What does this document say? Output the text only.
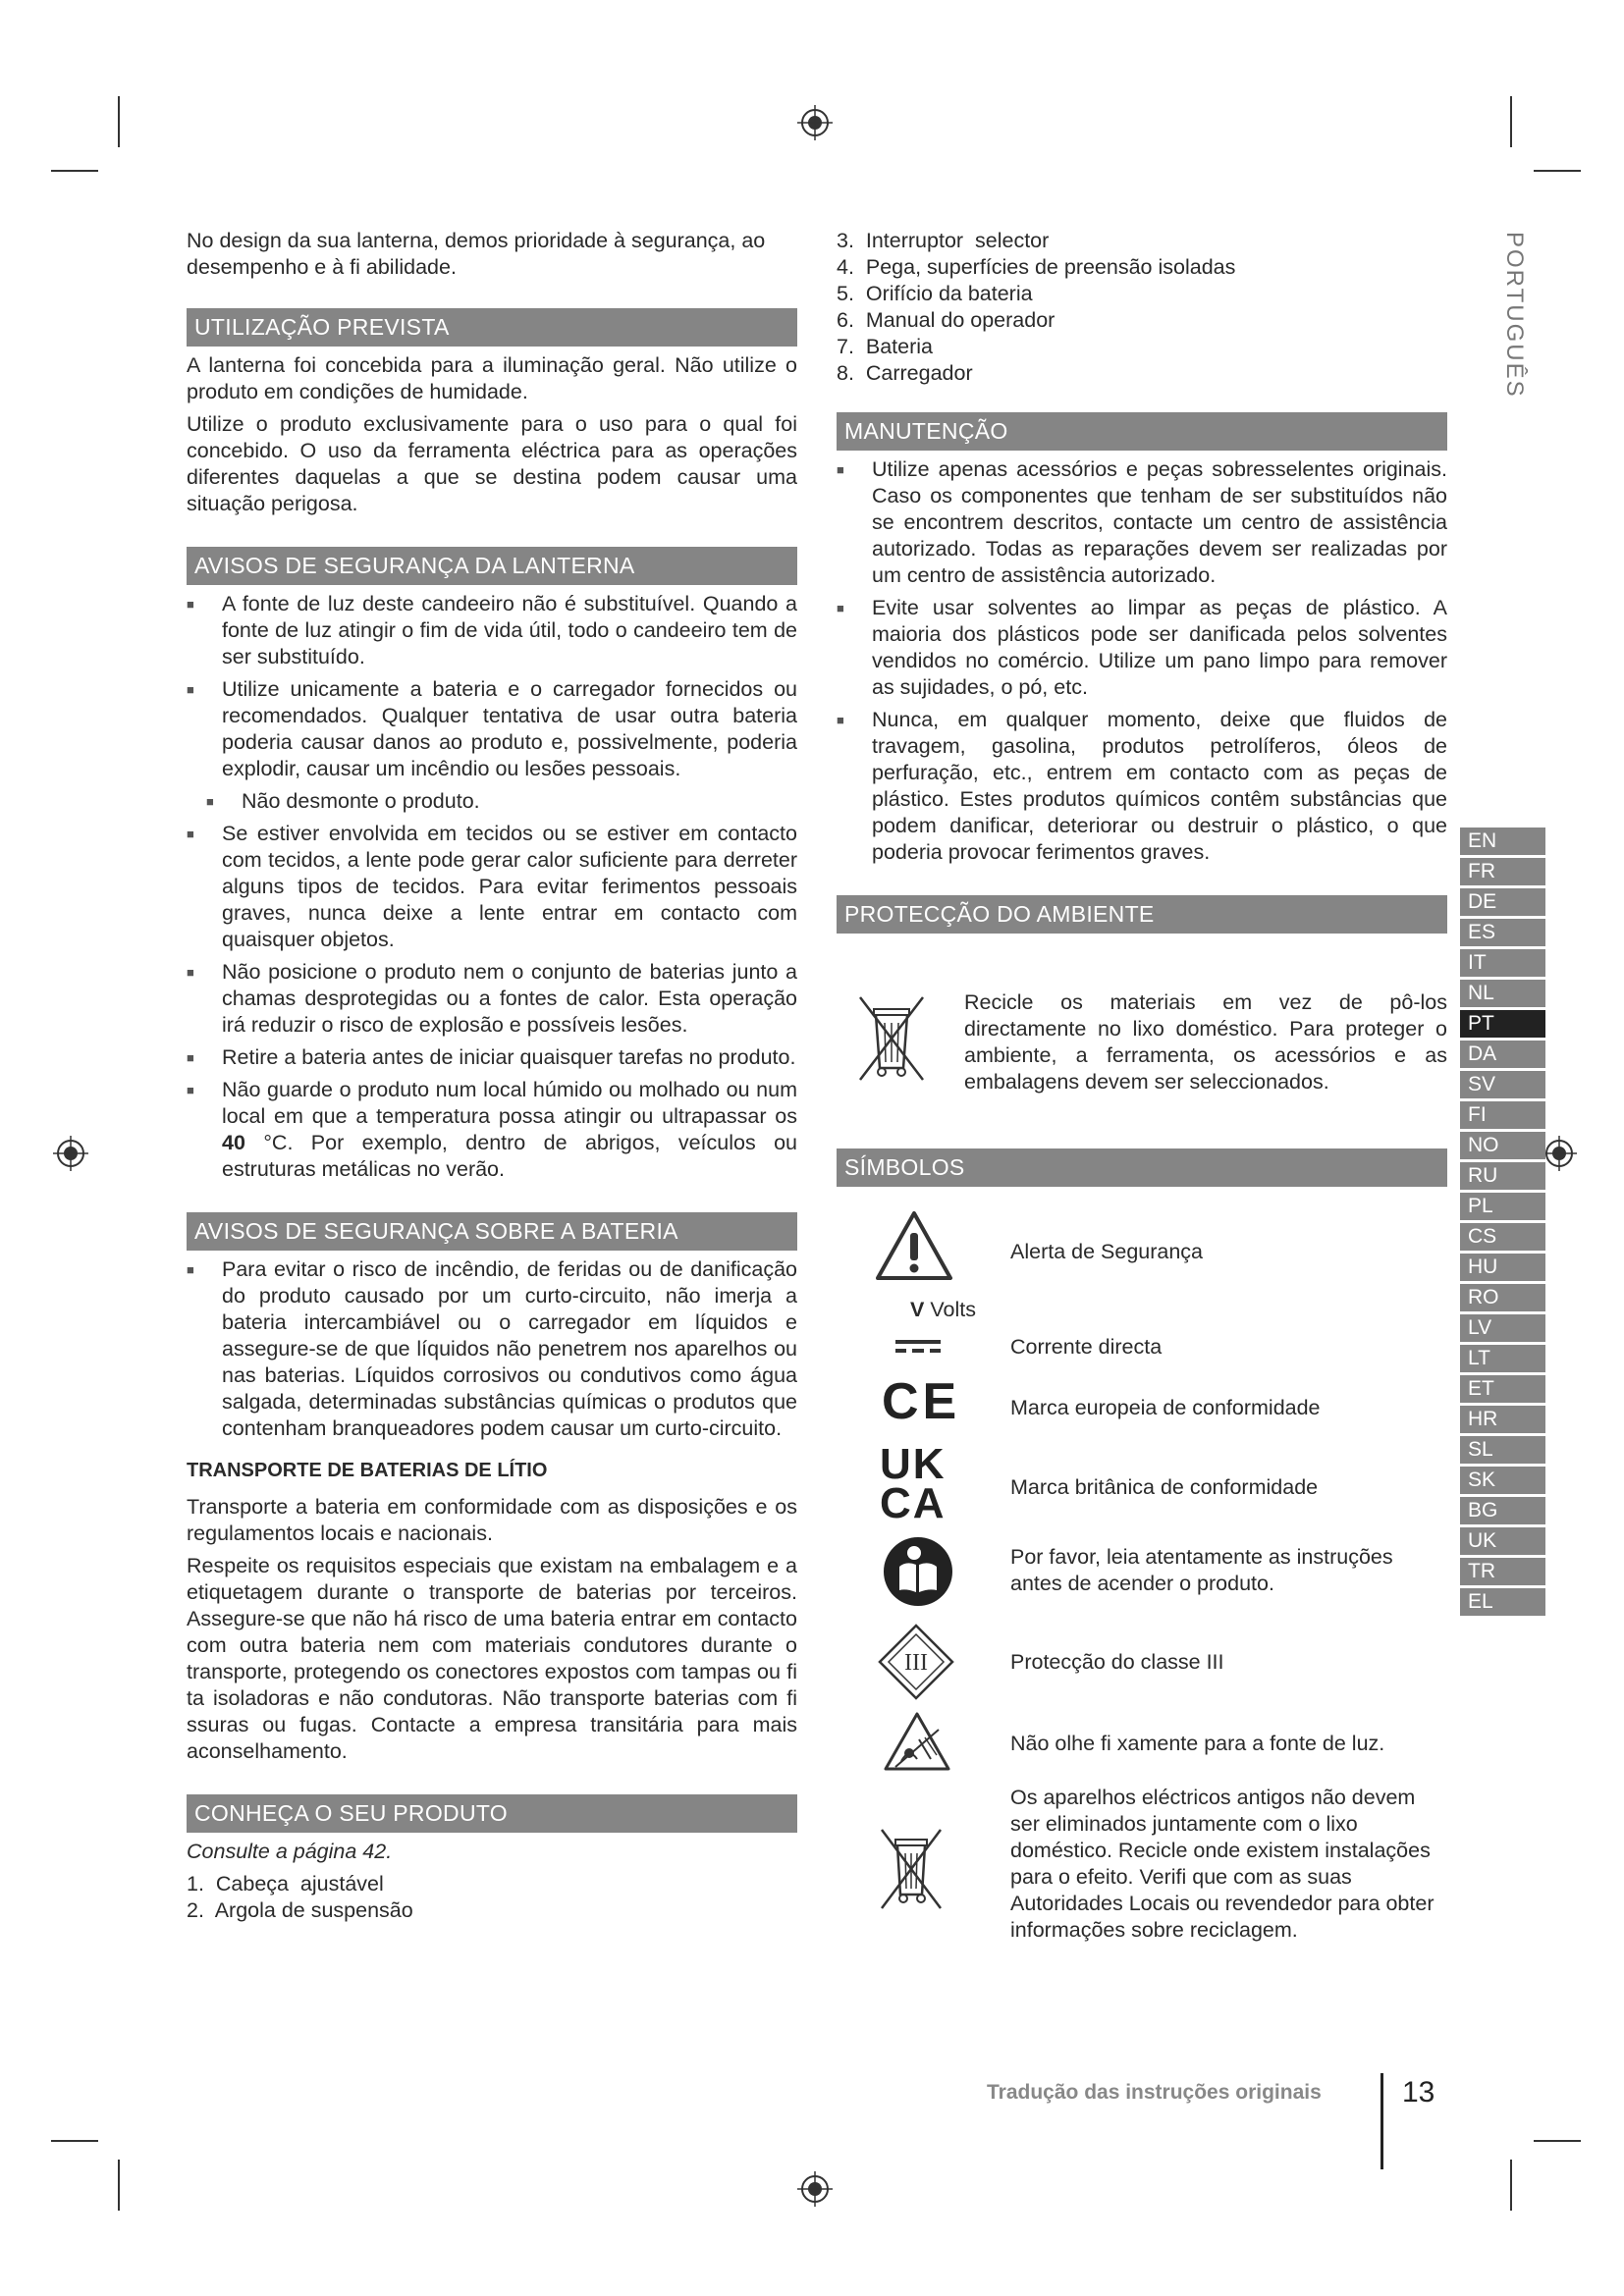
No design da sua lanterna, demos prioridade à segurança, ao desempenho e à fi abilidade.

UTILIZAÇÃO PREVISTA

A lanterna foi concebida para a iluminação geral. Não utilize o produto em condições de humidade.

Utilize o produto exclusivamente para o uso para o qual foi concebido. O uso da ferramenta eléctrica para as operações diferentes daquelas a que se destina podem causar uma situação perigosa.

AVISOS DE SEGURANÇA DA LANTERNA
■ A fonte de luz deste candeeiro não é substituível. Quando a fonte de luz atingir o fim de vida útil, todo o candeeiro tem de ser substituído.
■ Utilize unicamente a bateria e o carregador fornecidos ou recomendados. Qualquer tentativa de usar outra bateria poderia causar danos ao produto e, possivelmente, poderia explodir, causar um incêndio ou lesões pessoais.
■ Não desmonte o produto.
■ Se estiver envolvida em tecidos ou se estiver em contacto com tecidos, a lente pode gerar calor suficiente para derreter alguns tipos de tecidos. Para evitar ferimentos pessoais graves, nunca deixe a lente entrar em contacto com quaisquer objetos.
■ Não posicione o produto nem o conjunto de baterias junto a chamas desprotegidas ou a fontes de calor. Esta operação irá reduzir o risco de explosão e possíveis lesões.
■ Retire a bateria antes de iniciar quaisquer tarefas no produto.
■ Não guarde o produto num local húmido ou molhado ou num local em que a temperatura possa atingir ou ultrapassar os 40 °C. Por exemplo, dentro de abrigos, veículos ou estruturas metálicas no verão.
AVISOS DE SEGURANÇA SOBRE A BATERIA
■ Para evitar o risco de incêndio, de feridas ou de danificação do produto causado por um curto-circuito, não imerja a bateria intercambiável ou o carregador em líquidos e assegure-se de que líquidos não penetrem nos aparelhos ou nas baterias. Líquidos corrosivos ou condutivos como água salgada, determinadas substâncias químicas o produtos que contenham branqueadores podem causar um curto-circuito.
TRANSPORTE DE BATERIAS DE LÍTIO

Transporte a bateria em conformidade com as disposições e os regulamentos locais e nacionais.

Respeite os requisitos especiais que existam na embalagem e a etiquetagem durante o transporte de baterias por terceiros. Assegure-se que não há risco de uma bateria entrar em contacto com outra bateria nem com materiais condutores durante o transporte, protegendo os conectores expostos com tampas ou fi ta isoladoras e não condutoras. Não transporte baterias com fi ssuras ou fugas. Contacte a empresa transitária para mais aconselhamento.

CONHEÇA O SEU PRODUTO

Consulte a página 42.

1.  Cabeça  ajustável
2.  Argola de suspensão
3.  Interruptor  selector
4.  Pega, superfícies de preensão isoladas
5.  Orifício da bateria
6.  Manual do operador
7.  Bateria
8.  Carregador
MANUTENÇÃO
■ Utilize apenas acessórios e peças sobresselentes originais. Caso os componentes que tenham de ser substituídos não se encontrem descritos, contacte um centro de assistência autorizado. Todas as reparações devem ser realizadas por um centro de assistência autorizado.
■ Evite usar solventes ao limpar as peças de plástico. A maioria dos plásticos pode ser danificada pelos solventes vendidos no comércio. Utilize um pano limpo para remover as sujidades, o pó, etc.
■ Nunca, em qualquer momento, deixe que fluidos de travagem, gasolina, produtos petrolíferos, óleos de perfuração, etc., entrem em contacto com as peças de plástico. Estes produtos químicos contêm substâncias que podem danificar, deteriorar ou destruir o plástico, o que poderia provocar ferimentos graves.
PROTECÇÃO DO AMBIENTE

Recicle os materiais em vez de pô-los directamente no lixo doméstico. Para proteger o ambiente, a ferramenta, os acessórios e as embalagens devem ser seleccionados.

SÍMBOLOS
Alerta de Segurança
V Volts
Corrente directa
CE Marca europeia de conformidade
UK
CA	Marca britânica de conformidade
Por favor, leia atentamente as instruções antes de acender o produto.
III	Protecção do classe III
Não olhe fi xamente para a fonte de luz.
Os aparelhos eléctricos antigos não devem ser eliminados juntamente com o lixo doméstico. Recicle onde existem instalações para o efeito. Verifi que com as suas Autoridades Locais ou revendedor para obter informações sobre reciclagem.
PORTUGUÊS
EN
FR
DE
ES
IT
NL
PT
DA
SV
FI
NO
RU
PL
CS
HU
RO
LV
LT
ET
HR
SL
SK
BG
UK
TR
EL
Tradução das instruções originais	13
